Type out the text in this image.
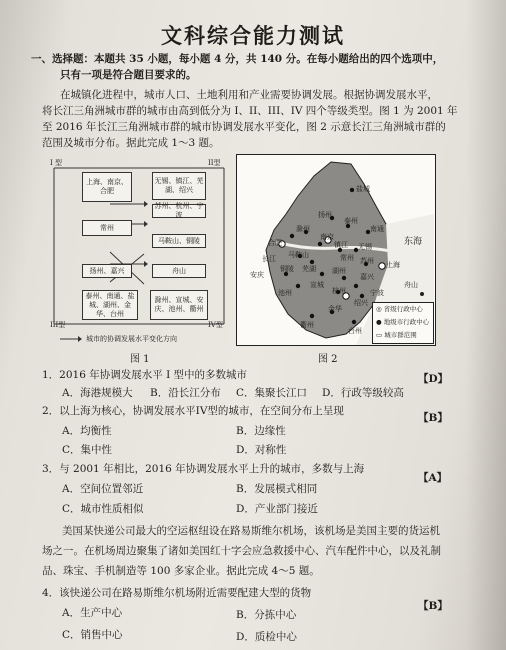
文科综合能力测试
一、选择题：本题共 35 小题，每小题 4 分，共 140 分。在每小题给出的四个选项中，
只有一项是符合题目要求的。
在城镇化进程中，城市人口、土地利用和产业需要协调发展。根据协调发展水平，
将长江三角洲城市群的城市由高到低分为 I、II、III、IV 四个等级类型。图 1 为 2001 年
至 2016 年长江三角洲城市群的城市协调发展水平变化，图 2 示意长江三角洲城市群的
范围及城市分布。据此完成 1～3 题。
I 型
III型	IV型
II型
上海、南京、合肥
无锡、镇江、芜湖、绍兴
苏州、杭州、宁波
常州
马鞍山、铜陵
扬州、嘉兴	舟山
泰州、南通、盐城、湖州、金华、台州
滁州、宣城、安庆、池州、衢州
城市的协调发展水平变化方向
图 1
盐城
扬州
泰州
南通
南京
镇江
常州
无锡
苏州 上海
合肥
滁州
马鞍山
芜湖
铜陵
安庆
池州
宣城
湖州
嘉兴
杭州
绍兴
宁波
舟山
金华
台州
衢州
东海
长江
◎ 省级行政中心
● 地级市行政中心
▭ 城市群范围
图 2
1．2016 年协调发展水平 I 型中的多数城市	【D】
A．海港规模大 B．沿长江分布 C．集聚长江口 D．行政等级较高
2．以上海为核心，协调发展水平IV型的城市，在空间分布上呈现
【B】
A．均衡性	B．边缘性
C．集中性	D．对称性
3．与 2001 年相比，2016 年协调发展水平上升的城市，多数与上海
【A】
A．空间位置邻近	B．发展模式相同
C．城市性质相似	D．产业部门接近
美国某快递公司最大的空运枢纽设在路易斯维尔机场，该机场是美国主要的货运机
场之一。在机场周边聚集了诸如美国红十字会应急救援中心、汽车配件中心，以及礼制
品、珠宝、手机制造等 100 多家企业。据此完成 4～5 题。
4．该快递公司在路易斯维尔机场附近需要配建大型的货物
【B】
A．生产中心	B．分拣中心
C．销售中心	D．质检中心
